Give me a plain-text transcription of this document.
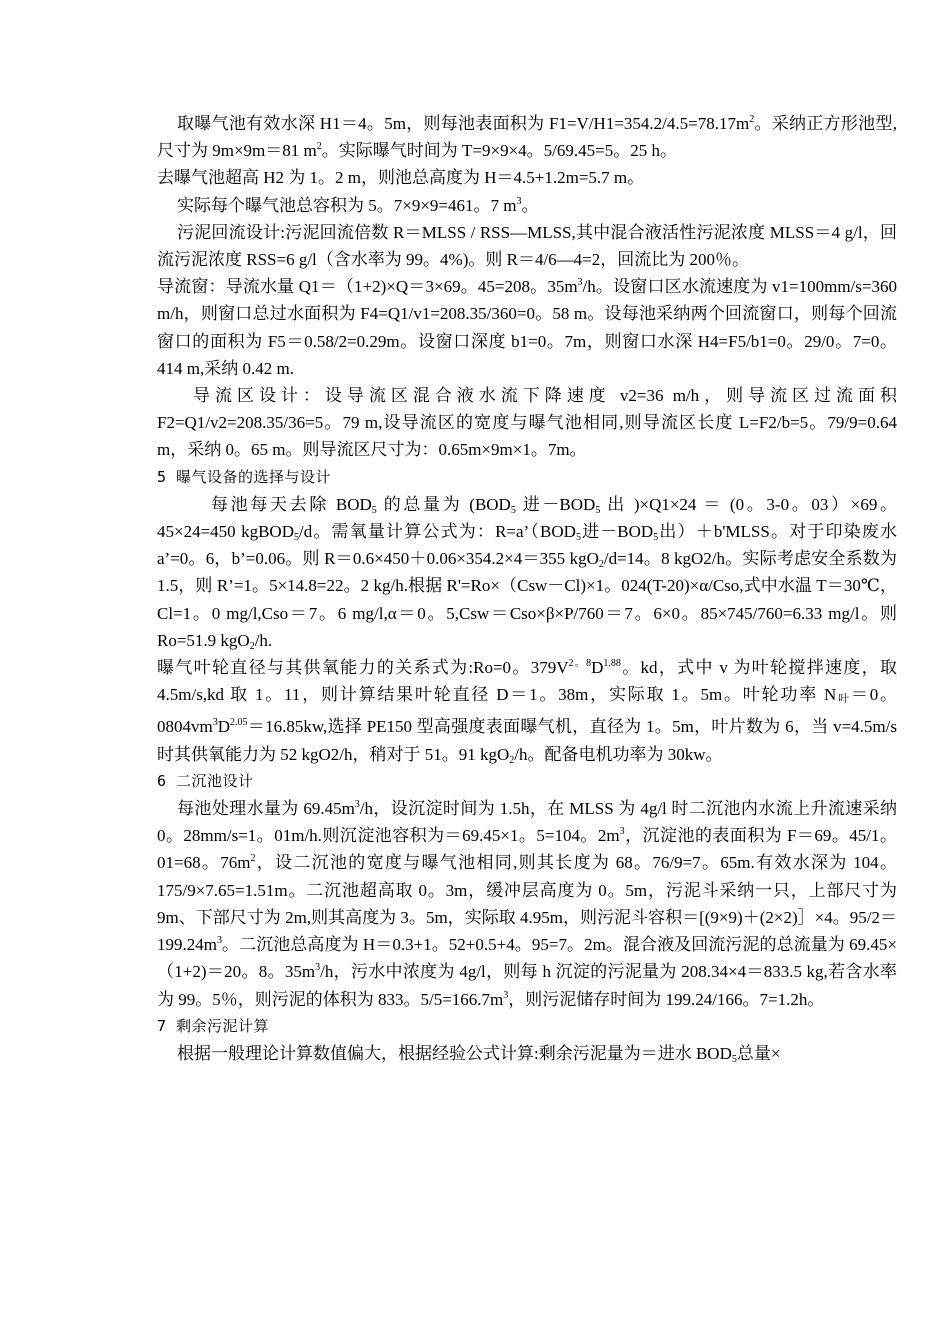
取曝气池有效水深 H1＝4。5m，则每池表面积为 $F1=V/H1=354.2/4.5=78.17m^2$。采纳正方形池型,尺寸为 9m×9m＝81 $m^2$。实际曝气时间为 T=9×9×4。5/69.45=5。25 h。
去曝气池超高 H2 为 1。2 m，则池总高度为 H＝4.5+1.2m=5.7 m。
实际每个曝气池总容积为 5。7×9×9=461。7 $m^3$。
污泥回流设计:污泥回流倍数 R＝MLSS / RSS—MLSS,其中混合液活性污泥浓度 MLSS＝4 g/l，回流污泥浓度 RSS=6 g/l（含水率为 99。4%)。则 R＝4/6—4=2，回流比为 200％。
导流窗：导流水量 Q1＝（1+2)×Q＝3×69。45=208。$35m^3/h$。设窗口区水流速度为 v1=100mm/s=360 m/h，则窗口总过水面积为 F4=Q1/v1=208.35/360=0。58 m。设每池采纳两个回流窗口，则每个回流窗口的面积为 F5＝0.58/2=0.29m。设窗口深度 b1=0。7m，则窗口水深 H4=F5/b1=0。29/0。7=0。414 m,采纳 0.42 m.
导流区设计：设导流区混合液水流下降速度 v2=36 m/h，则导流区过流面积 F2=Q1/v2=208.35/36=5。79 m,设导流区的宽度与曝气池相同,则导流区长度 L=F2/b=5。79/9=0.64 m，采纳 0。65 m。则导流区尺寸为：0.65m×9m×1。7m。
5 曝气设备的选择与设计
每池每天去除 $BOD_5$ 的总量为 ($BOD_5$ 进$-BOD_5$ 出 )×Q1×24 ＝ (0。3-0。03）×69。45×24=450 kgBOD$_5$/d。需氧量计算公式为：$R=a’(BOD_5$进$-BOD_5$出）＋b'MLSS。对于印染废水 a’=0。6，b’=0.06。则 R＝0.6×450＋0.06×354.2×4＝355 kgO$_2$/d=14。8 kgO2/h。实际考虑安全系数为 1.5，则 R’=1。5×14.8=22。2 kg/h.根据 R'=Ro×（Csw－Cl)×1。024(T-20)×α/Cso,式中水温 T＝30℃，Cl=1。0 mg/l,Cso＝7。6 mg/l,α＝0。5,Csw＝Cso×β×P/760＝7。6×0。85×745/760=6.33 mg/l。则 Ro=51.9 kgO$_2$/h.
曝气叶轮直径与其供氧能力的关系式为:Ro=0。$379V^{2。8}D^{1.88}$。kd，式中 v 为叶轮搅拌速度，取 4.5m/s,kd 取 1。11，则计算结果叶轮直径 D＝1。38m，实际取 1。5m。叶轮功率 N叶＝0。$0804vm^3D^{2.05}=16.85kw$,选择 PE150 型高强度表面曝气机，直径为 1。5m，叶片数为 6，当 v=4.5m/s 时其供氧能力为 52 kgO2/h，稍对于 51。91 kgO$_2$/h。配备电机功率为 30kw。
6 二沉池设计
每池处理水量为 $69.45m^3/h$，设沉淀时间为 1.5h，在 MLSS 为 4g/l 时二沉池内水流上升流速采纳 0。28mm/s=1。01m/h.则沉淀池容积为＝69.45×1。5=104。$2m^3$，沉淀池的表面积为 F＝69。45/1。01=68。$76m^2$，设二沉池的宽度与曝气池相同,则其长度为 68。76/9=7。65m.有效水深为 104。175/9×7.65=1.51m。二沉池超高取 0。3m，缓冲层高度为 0。5m，污泥斗采纳一只，上部尺寸为 9m、下部尺寸为 2m,则其高度为 3。5m，实际取 4.95m，则污泥斗容积＝[(9×9)＋(2×2)］×4。$95/2=199.24m^3$。二沉池总高度为 H＝0.3+1。52+0.5+4。95=7。2m。混合液及回流污泥的总流量为 69.45×（1+2)＝20。8。$35m^3/h$，污水中浓度为 4g/l，则每 h 沉淀的污泥量为 208.34×4＝833.5 kg,若含水率为 99。5％，则污泥的体积为 833。$5/5=166.7m^3$，则污泥储存时间为 199.24/166。7=1.2h。
7 剩余污泥计算
根据一般理论计算数值偏大，根据经验公式计算:剩余污泥量为＝进水 $BOD_5$总量×
